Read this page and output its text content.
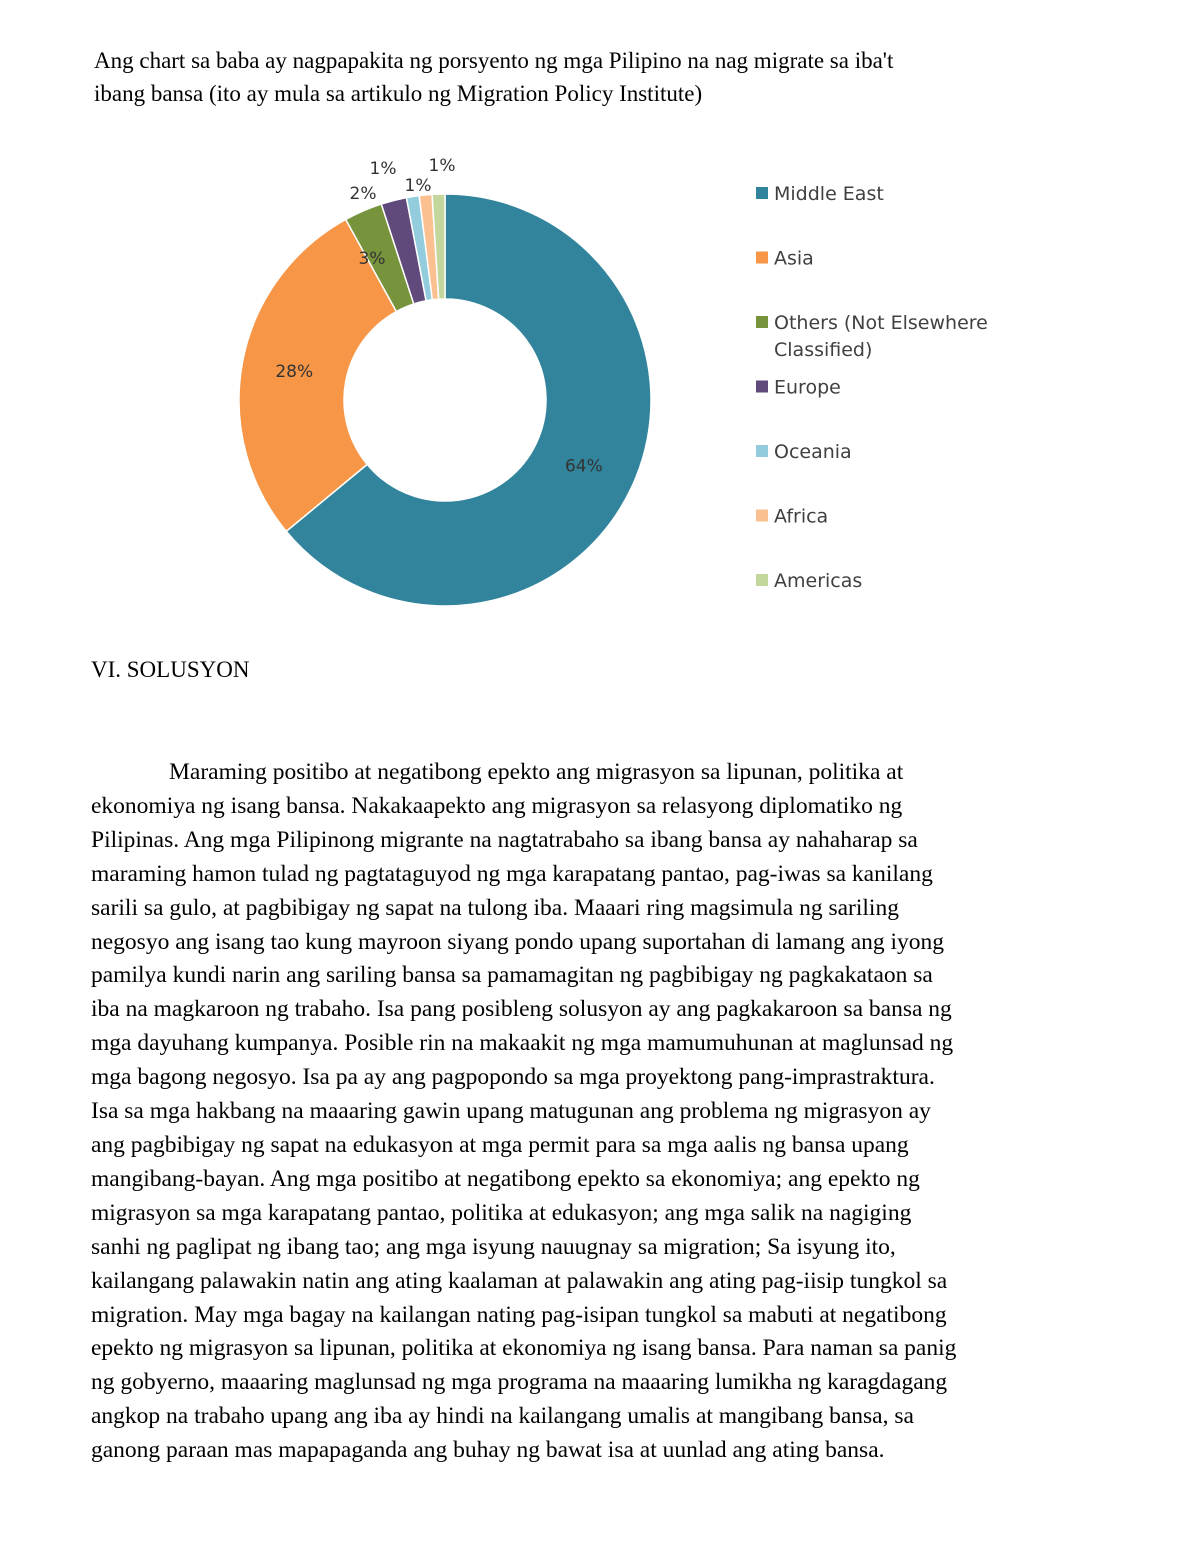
Ang chart sa baba ay nagpapakita ng porsyento ng mga Pilipino na nag migrate sa iba't
ibang bansa (ito ay mula sa artikulo ng Migration Policy Institute)
64%
28%
3%
2%
1%
1%
1%
Middle East
Asia
Others (Not Elsewhere
Classified)
Europe
Oceania
Africa
Americas
VI. SOLUSYON
Maraming positibo at negatibong epekto ang migrasyon sa lipunan, politika at
ekonomiya ng isang bansa. Nakakaapekto ang migrasyon sa relasyong diplomatiko ng
Pilipinas. Ang mga Pilipinong migrante na nagtatrabaho sa ibang bansa ay nahaharap sa
maraming hamon tulad ng pagtataguyod ng mga karapatang pantao, pag-iwas sa kanilang
sarili sa gulo, at pagbibigay ng sapat na tulong iba. Maaari ring magsimula ng sariling
negosyo ang isang tao kung mayroon siyang pondo upang suportahan di lamang ang iyong
pamilya kundi narin ang sariling bansa sa pamamagitan ng pagbibigay ng pagkakataon sa
iba na magkaroon ng trabaho. Isa pang posibleng solusyon ay ang pagkakaroon sa bansa ng
mga dayuhang kumpanya. Posible rin na makaakit ng mga mamumuhunan at maglunsad ng
mga bagong negosyo. Isa pa ay ang pagpopondo sa mga proyektong pang-imprastraktura.
Isa sa mga hakbang na maaaring gawin upang matugunan ang problema ng migrasyon ay
ang pagbibigay ng sapat na edukasyon at mga permit para sa mga aalis ng bansa upang
mangibang-bayan. Ang mga positibo at negatibong epekto sa ekonomiya; ang epekto ng
migrasyon sa mga karapatang pantao, politika at edukasyon; ang mga salik na nagiging
sanhi ng paglipat ng ibang tao; ang mga isyung nauugnay sa migration; Sa isyung ito,
kailangang palawakin natin ang ating kaalaman at palawakin ang ating pag-iisip tungkol sa
migration. May mga bagay na kailangan nating pag-isipan tungkol sa mabuti at negatibong
epekto ng migrasyon sa lipunan, politika at ekonomiya ng isang bansa. Para naman sa panig
ng gobyerno, maaaring maglunsad ng mga programa na maaaring lumikha ng karagdagang
angkop na trabaho upang ang iba ay hindi na kailangang umalis at mangibang bansa, sa
ganong paraan mas mapapaganda ang buhay ng bawat isa at uunlad ang ating bansa.
